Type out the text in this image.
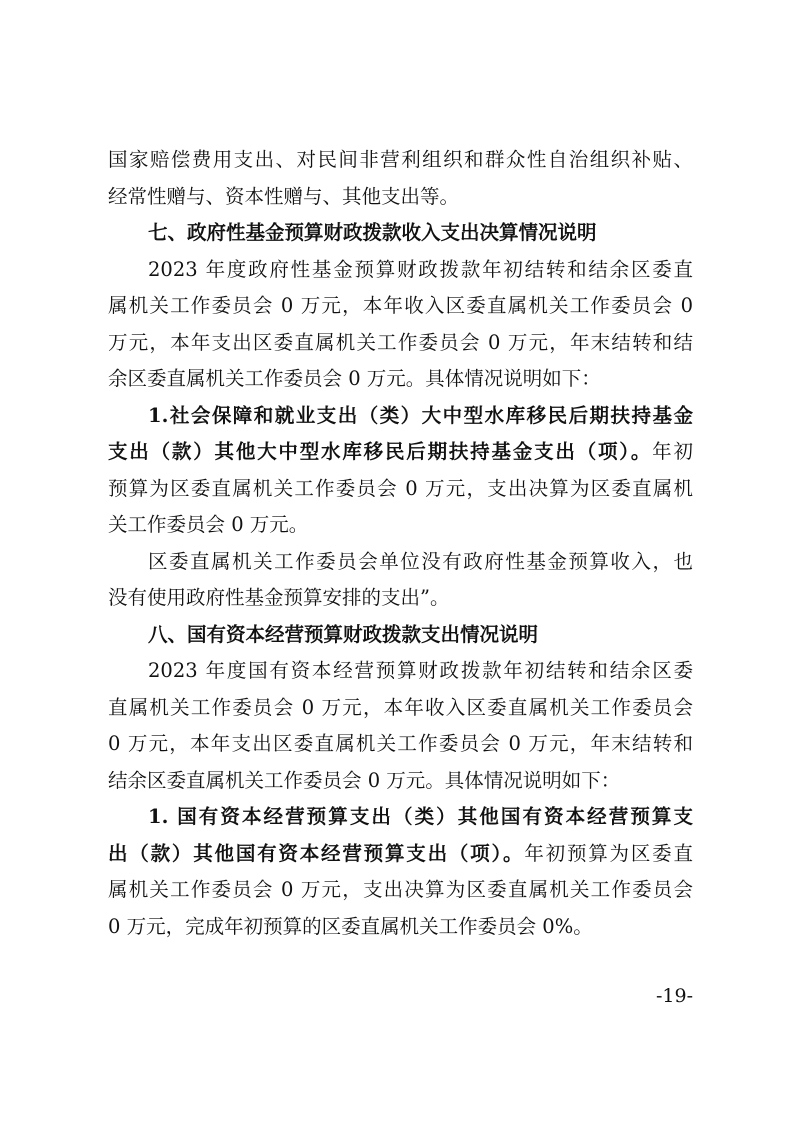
国家赔偿费用支出、对民间非营利组织和群众性自治组织补贴、
经常性赠与、资本性赠与、其他支出等。
七、政府性基金预算财政拨款收入支出决算情况说明
2023 年度政府性基金预算财政拨款年初结转和结余区委直
属机关工作委员会 0 万元，本年收入区委直属机关工作委员会 0
万元，本年支出区委直属机关工作委员会 0 万元，年末结转和结
余区委直属机关工作委员会 0 万元。具体情况说明如下：
1.社会保障和就业支出（类）大中型水库移民后期扶持基金
支出（款）其他大中型水库移民后期扶持基金支出（项）。年初
预算为区委直属机关工作委员会 0 万元，支出决算为区委直属机
关工作委员会 0 万元。
区委直属机关工作委员会单位没有政府性基金预算收入，也
没有使用政府性基金预算安排的支出”。
八、国有资本经营预算财政拨款支出情况说明
2023 年度国有资本经营预算财政拨款年初结转和结余区委
直属机关工作委员会 0 万元，本年收入区委直属机关工作委员会
0 万元，本年支出区委直属机关工作委员会 0 万元，年末结转和
结余区委直属机关工作委员会 0 万元。具体情况说明如下：
1. 国有资本经营预算支出（类）其他国有资本经营预算支
出（款）其他国有资本经营预算支出（项）。年初预算为区委直
属机关工作委员会 0 万元，支出决算为区委直属机关工作委员会
0 万元，完成年初预算的区委直属机关工作委员会 0%。
-19-
